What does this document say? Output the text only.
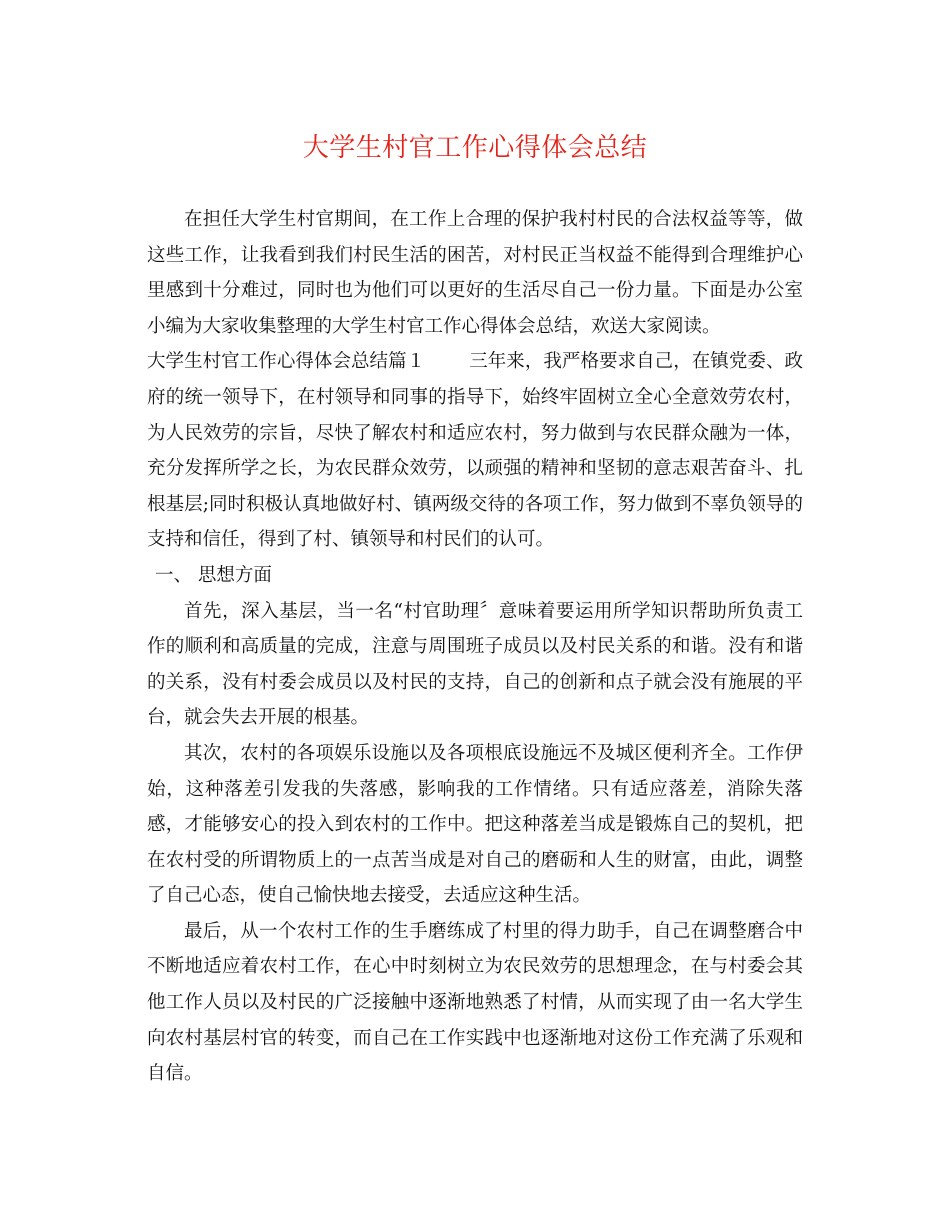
大学生村官工作心得体会总结

在担任大学生村官期间，在工作上合理的保护我村村民的合法权益等等，做这些工作，让我看到我们村民生活的困苦，对村民正当权益不能得到合理维护心里感到十分难过，同时也为他们可以更好的生活尽自己一份力量。下面是办公室小编为大家收集整理的大学生村官工作心得体会总结，欢送大家阅读。

大学生村官工作心得体会总结篇１ 三年来，我严格要求自己，在镇党委、政府的统一领导下，在村领导和同事的指导下，始终牢固树立全心全意效劳农村，为人民效劳的宗旨，尽快了解农村和适应农村，努力做到与农民群众融为一体，充分发挥所学之长，为农民群众效劳，以顽强的精神和坚韧的意志艰苦奋斗、扎根基层;同时积极认真地做好村、镇两级交待的各项工作，努力做到不辜负领导的支持和信任，得到了村、镇领导和村民们的认可。

一、 思想方面

首先，深入基层，当一名“村官助理〞意味着要运用所学知识帮助所负责工作的顺利和高质量的完成，注意与周围班子成员以及村民关系的和谐。没有和谐的关系，没有村委会成员以及村民的支持，自己的创新和点子就会没有施展的平台，就会失去开展的根基。

其次，农村的各项娱乐设施以及各项根底设施远不及城区便利齐全。工作伊始，这种落差引发我的失落感，影响我的工作情绪。只有适应落差，消除失落感，才能够安心的投入到农村的工作中。把这种落差当成是锻炼自己的契机，把在农村受的所谓物质上的一点苦当成是对自己的磨砺和人生的财富，由此，调整了自己心态，使自己愉快地去接受，去适应这种生活。

最后，从一个农村工作的生手磨练成了村里的得力助手，自己在调整磨合中不断地适应着农村工作，在心中时刻树立为农民效劳的思想理念，在与村委会其他工作人员以及村民的广泛接触中逐渐地熟悉了村情，从而实现了由一名大学生向农村基层村官的转变，而自己在工作实践中也逐渐地对这份工作充满了乐观和自信。
